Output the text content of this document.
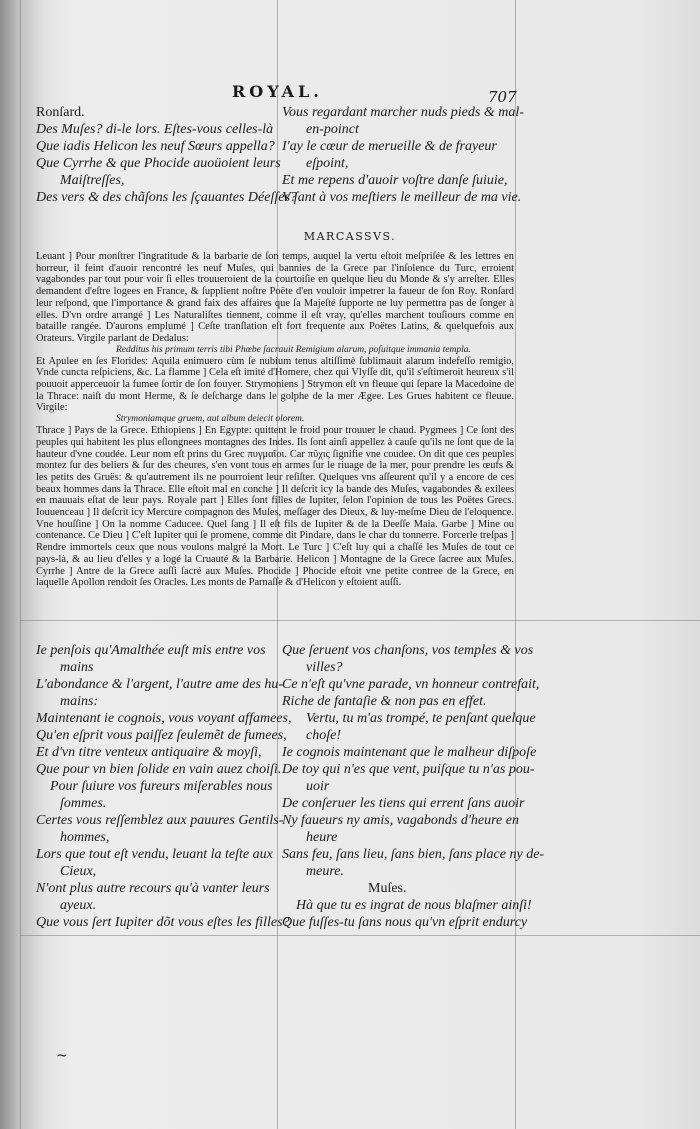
ROYAL.	707
Ronſard.
Des Muſes? di-le lors. Eſtes-vous celles-là
Que iadis Helicon les neuf Sœurs appella?
Que Cyrrhe & que Phocide auoüoient leurs
Maiſtreſſes,
Des vers & des chãſons les ſçauantes Déeſſes?
Vous regardant marcher nuds pieds & mal-
en-poinct
I'ay le cœur de merueille & de frayeur
eſpoint,
Et me repens d'auoir voſtre danſe ſuiuie,
V ſant à vos meſtiers le meilleur de ma vie.
MARCASSVS.

Leuant ] Pour monſtrer l'ingratitude & la barbarie de ſon temps, auquel la vertu eſtoit meſpriſée & les lettres en horreur, il feint d'auoir rencontré les neuf Muſes, qui bannies de la Grece par l'inſolence du Turc, erroient vagabondes par tout pour voir ſi elles trouueroient de la courtoiſie en quelque lieu du Monde & s'y arreſter. Elles demandent d'eſtre logees en France, & ſupplient noſtre Poëte d'en vouloir impetrer la faueur de ſon Roy. Ronſard leur reſpond, que l'importance & grand faix des affaires que ſa Majeſté ſupporte ne luy permettra pas de ſonger à elles. D'vn ordre arrangé ] Les Naturaliſtes tiennent, comme il eſt vray, qu'elles marchent touſiours comme en bataille rangée. D'aurons emplumé ] Ceſte tranſlation eſt fort frequente aux Poëtes Latins, & quelquefois aux Orateurs. Virgile parlant de Dedalus:

Redditus his primum terris tibi Phœbe ſacrauit Remigium alarum, poſuitque immania templa.

Et Apulee en ſes Florides: Aquila enimuero cùm ſe nubium tenus altiſſimè ſublimauit alarum indefeſſo remigio, Vnde cuncta reſpiciens, &c. La flamme ] Cela eſt imité d'Homere, chez qui Vlyſſe dit, qu'il s'eſtimeroit heureux s'il pouuoit apperceuoir la fumee ſortir de ſon fouyer. Strymoniens ] Strymon eſt vn fleuue qui ſepare la Macedoine de la Thrace: naiſt du mont Herme, & ſe deſcharge dans le golphe de la mer Ægee. Les Grues habitent ce fleuue. Virgile:

Strymoniamque gruem, aut album deiecit olorem.

Thrace ] Pays de la Grece. Ethiopiens ] En Egypte: quittent le froid pour trouuer le chaud. Pygmees ] Ce ſont des peuples qui habitent les plus eſlongnees montagnes des Indes. Ils ſont ainſi appellez à cauſe qu'ils ne ſont que de la hauteur d'vne coudée. Leur nom eſt prins du Grec πυγμαῖοι. Car πῦχις ſignifie vne coudee. On dit que ces peuples montez ſur des beliers & ſur des cheures, s'en vont tous en armes ſur le riuage de la mer, pour prendre les œufs & les petits des Gruës: & qu'autrement ils ne pourroient leur reſiſter. Quelques vns aſſeurent qu'il y a encore de ces beaux hommes dans la Thrace. Elle eſtoit mal en conche ] Il deſcrit icy la bande des Muſes, vagabondes & exilees en mauuais eſtat de leur pays. Royale part ] Elles ſont filles de Iupiter, ſelon l'opinion de tous les Poëtes Grecs. Iouuenceau ] Il deſcrit icy Mercure compagnon des Muſes, meſſager des Dieux, & luy-meſme Dieu de l'eloquence. Vne houſſine ] On la nomme Caducee. Quel ſang ] Il eſt fils de Iupiter & de la Deeſſe Maia. Garbe ] Mine ou contenance. Ce Dieu ] C'eſt Iupiter qui ſe promene, comme dit Pindare, dans le char du tonnerre. Forcerle treſpas ] Rendre immortels ceux que nous voulons malgré la Mort. Le Turc ] C'eſt luy qui a chaſſé les Muſes de tout ce pays-là, & au lieu d'elles y a logé la Cruauté & la Barbarie. Helicon ] Montagne de la Grece ſacree aux Muſes. Cyrrhe ] Antre de la Grece auſſi ſacré aux Muſes. Phocide ] Phocide eſtoit vne petite contree de la Grece, en laquelle Apollon rendoit ſes Oracles. Les monts de Parnaſſe & d'Helicon y eſtoient auſſi.

Ie penſois qu'Amalthée euſt mis entre vos
mains
L'abondance & l'argent, l'autre ame des hu-
mains:
Maintenant ie cognois, vous voyant affamees,
Qu'en eſprit vous paiſſez ſeulemẽt de fumees,
Et d'vn titre venteux antiquaire & moyſi,
Que pour vn bien ſolide en vain auez choiſi.
Pour ſuiure vos fureurs miſerables nous
ſommes.
Certes vous reſſemblez aux pauures Gentils-
hommes,
Lors que tout eſt vendu, leuant la teſte aux
Cieux,
N'ont plus autre recours qu'à vanter leurs
ayeux.
Que vous ſert Iupiter dõt vous eſtes les filles?
Que ſeruent vos chanſons, vos temples & vos
villes?
Ce n'eſt qu'vne parade, vn honneur contrefait,
Riche de fantaſie & non pas en effet.
Vertu, tu m'as trompé, te penſant quelque
choſe!
Ie cognois maintenant que le malheur diſpoſe
De toy qui n'es que vent, puiſque tu n'as pou-
uoir
De conſeruer les tiens qui errent ſans auoir
Ny faueurs ny amis, vagabonds d'heure en
heure
Sans feu, ſans lieu, ſans bien, ſans place ny de-
meure.
Muſes.
Hà que tu es ingrat de nous blaſmer ainſi!
Que fuſſes-tu ſans nous qu'vn eſprit endurcy
~
